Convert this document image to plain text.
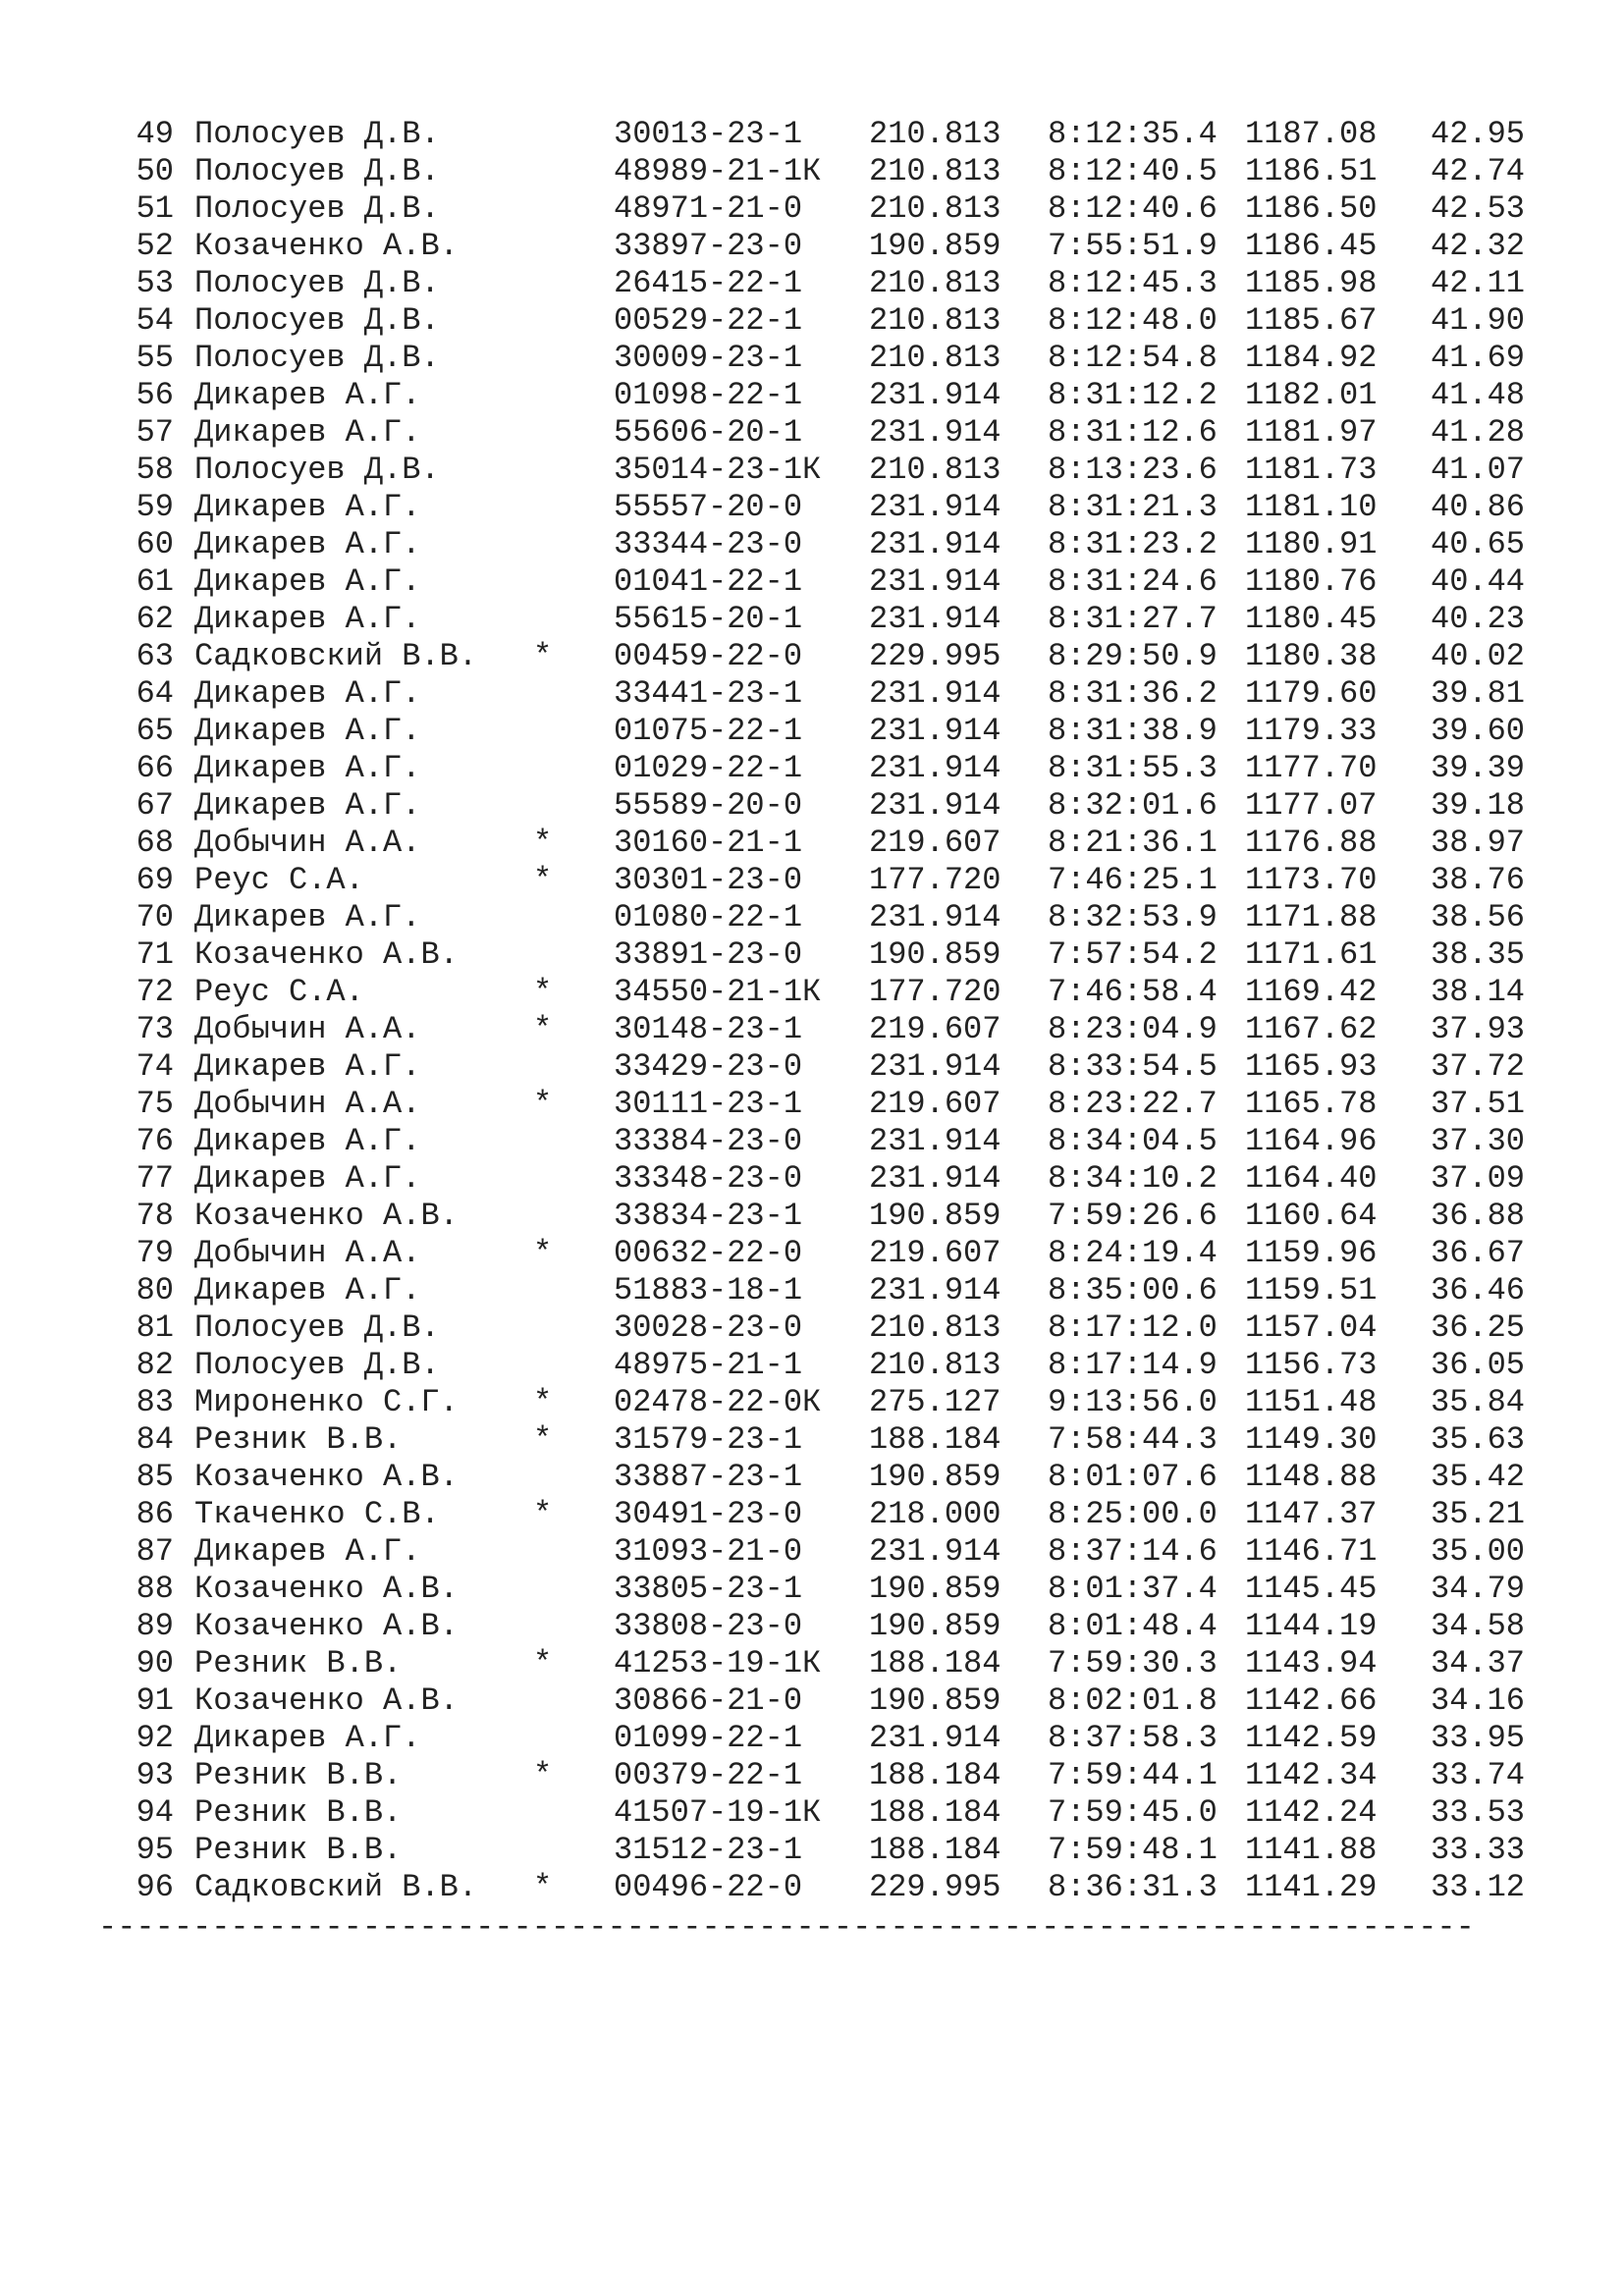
49 Полосуев Д.В.	30013-23-1 210.813 8:12:35.4 1187.08	42.95
50 Полосуев Д.В.	48989-21-1К 210.813 8:12:40.5 1186.51	42.74
51 Полосуев Д.В.	48971-21-0 210.813 8:12:40.6 1186.50	42.53
52 Козаченко А.В.	33897-23-0 190.859 7:55:51.9 1186.45	42.32
53 Полосуев Д.В.	26415-22-1 210.813 8:12:45.3 1185.98	42.11
54 Полосуев Д.В.	00529-22-1 210.813 8:12:48.0 1185.67	41.90
55 Полосуев Д.В.	30009-23-1 210.813 8:12:54.8 1184.92	41.69
56 Дикарев А.Г.	01098-22-1 231.914 8:31:12.2 1182.01	41.48
57 Дикарев А.Г.	55606-20-1 231.914 8:31:12.6 1181.97	41.28
58 Полосуев Д.В.	35014-23-1К 210.813 8:13:23.6 1181.73	41.07
59 Дикарев А.Г.	55557-20-0 231.914 8:31:21.3 1181.10	40.86
60 Дикарев А.Г.	33344-23-0 231.914 8:31:23.2 1180.91	40.65
61 Дикарев А.Г.	01041-22-1 231.914 8:31:24.6 1180.76	40.44
62 Дикарев А.Г.	55615-20-1 231.914 8:31:27.7 1180.45	40.23
63 Садковский В.В. * 00459-22-0 229.995 8:29:50.9 1180.38	40.02
64 Дикарев А.Г.	33441-23-1 231.914 8:31:36.2 1179.60	39.81
65 Дикарев А.Г.	01075-22-1 231.914 8:31:38.9 1179.33	39.60
66 Дикарев А.Г.	01029-22-1 231.914 8:31:55.3 1177.70	39.39
67 Дикарев А.Г.	55589-20-0 231.914 8:32:01.6 1177.07	39.18
68 Добычин А.А.	* 30160-21-1 219.607 8:21:36.1 1176.88	38.97
69 Реус С.А.	* 30301-23-0 177.720 7:46:25.1 1173.70	38.76
70 Дикарев А.Г.	01080-22-1 231.914 8:32:53.9 1171.88	38.56
71 Козаченко А.В.	33891-23-0 190.859 7:57:54.2 1171.61	38.35
72 Реус С.А.	* 34550-21-1К 177.720 7:46:58.4 1169.42	38.14
73 Добычин А.А.	* 30148-23-1 219.607 8:23:04.9 1167.62	37.93
74 Дикарев А.Г.	33429-23-0 231.914 8:33:54.5 1165.93	37.72
75 Добычин А.А.	* 30111-23-1 219.607 8:23:22.7 1165.78	37.51
76 Дикарев А.Г.	33384-23-0 231.914 8:34:04.5 1164.96	37.30
77 Дикарев А.Г.	33348-23-0 231.914 8:34:10.2 1164.40	37.09
78 Козаченко А.В.	33834-23-1 190.859 7:59:26.6 1160.64	36.88
79 Добычин А.А.	* 00632-22-0 219.607 8:24:19.4 1159.96	36.67
80 Дикарев А.Г.	51883-18-1 231.914 8:35:00.6 1159.51	36.46
81 Полосуев Д.В.	30028-23-0 210.813 8:17:12.0 1157.04	36.25
82 Полосуев Д.В.	48975-21-1 210.813 8:17:14.9 1156.73	36.05
83 Мироненко С.Г. * 02478-22-0К 275.127 9:13:56.0 1151.48	35.84
84 Резник В.В.	* 31579-23-1 188.184 7:58:44.3 1149.30	35.63
85 Козаченко А.В.	33887-23-1 190.859 8:01:07.6 1148.88	35.42
86 Ткаченко С.В.	* 30491-23-0 218.000 8:25:00.0 1147.37	35.21
87 Дикарев А.Г.	31093-21-0 231.914 8:37:14.6 1146.71	35.00
88 Козаченко А.В.	33805-23-1 190.859 8:01:37.4 1145.45	34.79
89 Козаченко А.В.	33808-23-0 190.859 8:01:48.4 1144.19	34.58
90 Резник В.В.	* 41253-19-1К 188.184 7:59:30.3 1143.94	34.37
91 Козаченко А.В.	30866-21-0 190.859 8:02:01.8 1142.66	34.16
92 Дикарев А.Г.	01099-22-1 231.914 8:37:58.3 1142.59	33.95
93 Резник В.В.	* 00379-22-1 188.184 7:59:44.1 1142.34	33.74
94 Резник В.В.	41507-19-1К 188.184 7:59:45.0 1142.24	33.53
95 Резник В.В.	31512-23-1 188.184 7:59:48.1 1141.88	33.33
96 Садковский В.В. * 00496-22-0 229.995 8:36:31.3 1141.29	33.12
-------------------------------------------------------------------------
